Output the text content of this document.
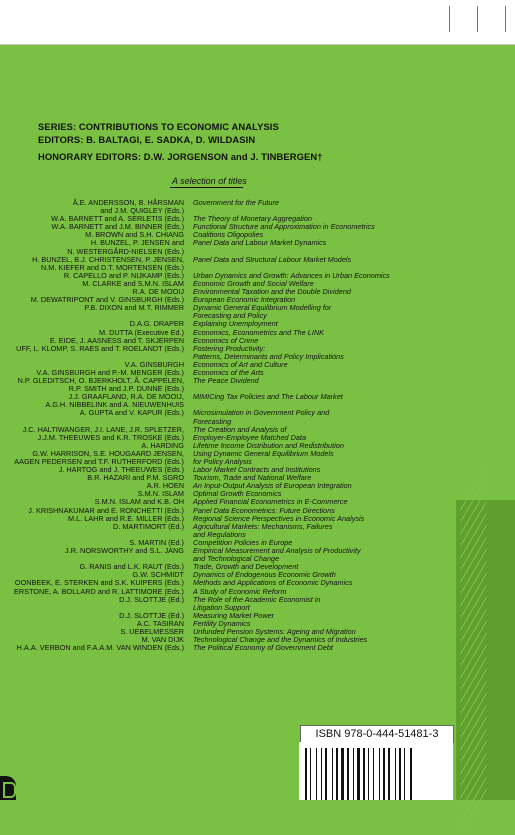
SERIES: CONTRIBUTIONS TO ECONOMIC ANALYSIS
EDITORS: B. BALTAGI, E. SADKA, D. WILDASIN
HONORARY EDITORS: D.W. JORGENSON and J. TINBERGEN†
A selection of titles
Å.E. ANDERSSON, B. HÅRSMAN Government for the Future
and J.M. QUIGLEY (Eds.)
W.A. BARNETT and A. SERLETIS (Eds.) The Theory of Monetary Aggregation
W.A. BARNETT and J.M. BINNER (Eds.) Functional Structure and Approximation in Econometrics
M. BROWN and S.H. CHIANG Coalitions Oligopolies
H. BUNZEL, P. JENSEN and Panel Data and Labour Market Dynamics
N. WESTERGÅRD-NIELSEN (Eds.)
H. BUNZEL, B.J. CHRISTENSEN, P. JENSEN, Panel Data and Structural Labour Market Models
N.M. KIEFER and D.T. MORTENSEN (Eds.)
R. CAPELLO and P. NIJKAMP (Eds.) Urban Dynamics and Growth: Advances in Urban Economics
M. CLARKE and S.M.N. ISLAM Economic Growth and Social Welfare
R.A. DE MOOIJ Environmental Taxation and the Double Dividend
M. DEWATRIPONT and V. GINSBURGH (Eds.) European Economic Integration
P.B. DIXON and M.T. RIMMER Dynamic General Equilibrium Modelling for
Forecasting and Policy
D.A.G. DRAPER Explaining Unemployment
M. DUTTA (Executive Ed.) Economics, Econometrics and The LINK
E. EIDE, J. AASNESS and T. SKJERPEN Economics of Crime
UFF, L. KLOMP, S. RAES and T. ROELANDT (Eds.) Fostering Productivity:
Patterns, Determinants and Policy Implications
V.A. GINSBURGH Economics of Art and Culture
V.A. GINSBURGH and P.-M. MENGER (Eds.) Economics of the Arts
N.P. GLEDITSCH, O. BJERKHOLT, Å. CAPPELEN, The Peace Dividend
R.P. SMITH and J.P. DUNNE (Eds.)
J.J. GRAAFLAND, R.A. DE MOOIJ, MIMICing Tax Policies and The Labour Market
A.G.H. NIBBELINK and A. NIEUWENHUIS
A. GUPTA and V. KAPUR (Eds.) Microsimulation in Government Policy and
Forecasting
J.C. HALTIWANGER, J.I. LANE, J.R. SPLETZER, The Creation and Analysis of
J.J.M. THEEUWES and K.R. TROSKE (Eds.) Employer-Employee Matched Data
A. HARDING Lifetime Income Distribution and Redistribution
G.W. HARRISON, S.E. HOUGAARD JENSEN, Using Dynamic General Equilibrium Models
AAGEN PEDERSEN and T.F. RUTHERFORD (Eds.) for Policy Analysis
J. HARTOG and J. THEEUWES (Eds.) Labor Market Contracts and Institutions
B.R. HAZARI and P.M. SGRO Tourism, Trade and National Welfare
A.R. HOEN An Input-Output Analysis of European Integration
S.M.N. ISLAM Optimal Growth Economics
S.M.N. ISLAM and K.B. OH Applied Financial Econometrics in E-Commerce
J. KRISHNAKUMAR and E. RONCHETTI (Eds.) Panel Data Econometrics: Future Directions
M.L. LAHR and R.E. MILLER (Eds.) Regional Science Perspectives in Economic Analysis
D. MARTIMORT (Ed.) Agricultural Markets: Mechanisms, Failures
and Regulations
S. MARTIN (Ed.) Competition Policies in Europe
J.R. NORSWORTHY and S.L. JANG Empirical Measurement and Analysis of Productivity
and Technological Change
G. RANIS and L.K. RAUT (Eds.) Trade, Growth and Development
G.W. SCHMIDT Dynamics of Endogenous Economic Growth
OONBEEK, E. STERKEN and S.K. KUIPERS (Eds.) Methods and Applications of Economic Dynamics
ERSTONE, A. BOLLARD and R. LATTIMORE (Eds.) A Study of Economic Reform
D.J. SLOTTJE (Ed.) The Role of the Academic Economist in
Litigation Support
D.J. SLOTTJE (Ed.) Measuring Market Power
A.C. TASIRAN Fertility Dynamics
S. UEBELMESSER Unfunded Pension Systems: Ageing and Migration
M. VAN DIJK Technological Change and the Dynamics of Industries
H.A.A. VERBON and F.A.A.M. VAN WINDEN (Eds.) The Political Economy of Government Debt
ISBN 978-0-444-51481-3
